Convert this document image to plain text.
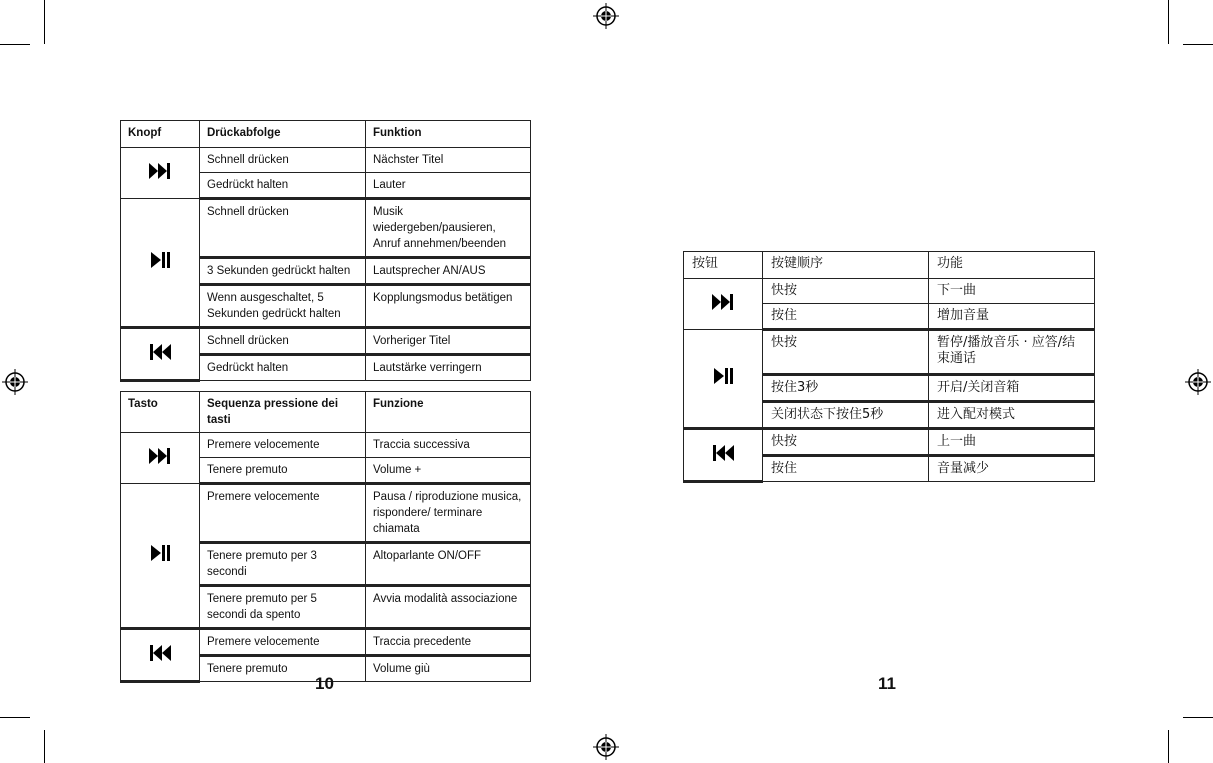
Knopf	Drückabfolge	Funktion
	Schnell drücken	Nächster Titel
	Gedrückt halten	Lauter
	Schnell drücken	Musik wiedergeben/pausieren, Anruf annehmen/beenden
	3 Sekunden gedrückt halten	Lautsprecher AN/AUS
	Wenn ausgeschaltet, 5 Sekunden gedrückt halten	Kopplungsmodus betätigen
	Schnell drücken	Vorheriger Titel
	Gedrückt halten	Lautstärke verringern
Tasto	Sequenza pressione dei tasti	Funzione
	Premere velocemente	Traccia successiva
	Tenere premuto	Volume +
	Premere velocemente	Pausa / riproduzione musica, rispondere/ terminare chiamata
	Tenere premuto per 3 secondi	Altoparlante ON/OFF
	Tenere premuto per 5 secondi da spento	Avvia modalità associazione
	Premere velocemente	Traccia precedente
	Tenere premuto	Volume giù
按钮	按键顺序	功能
	快按	下一曲
	按住	增加音量
	快按	暂停/播放音乐 · 应答/结束通话
	按住3秒	开启/关闭音箱
	关闭状态下按住5秒	进入配对模式
	快按	上一曲
	按住	音量减少
10	11
